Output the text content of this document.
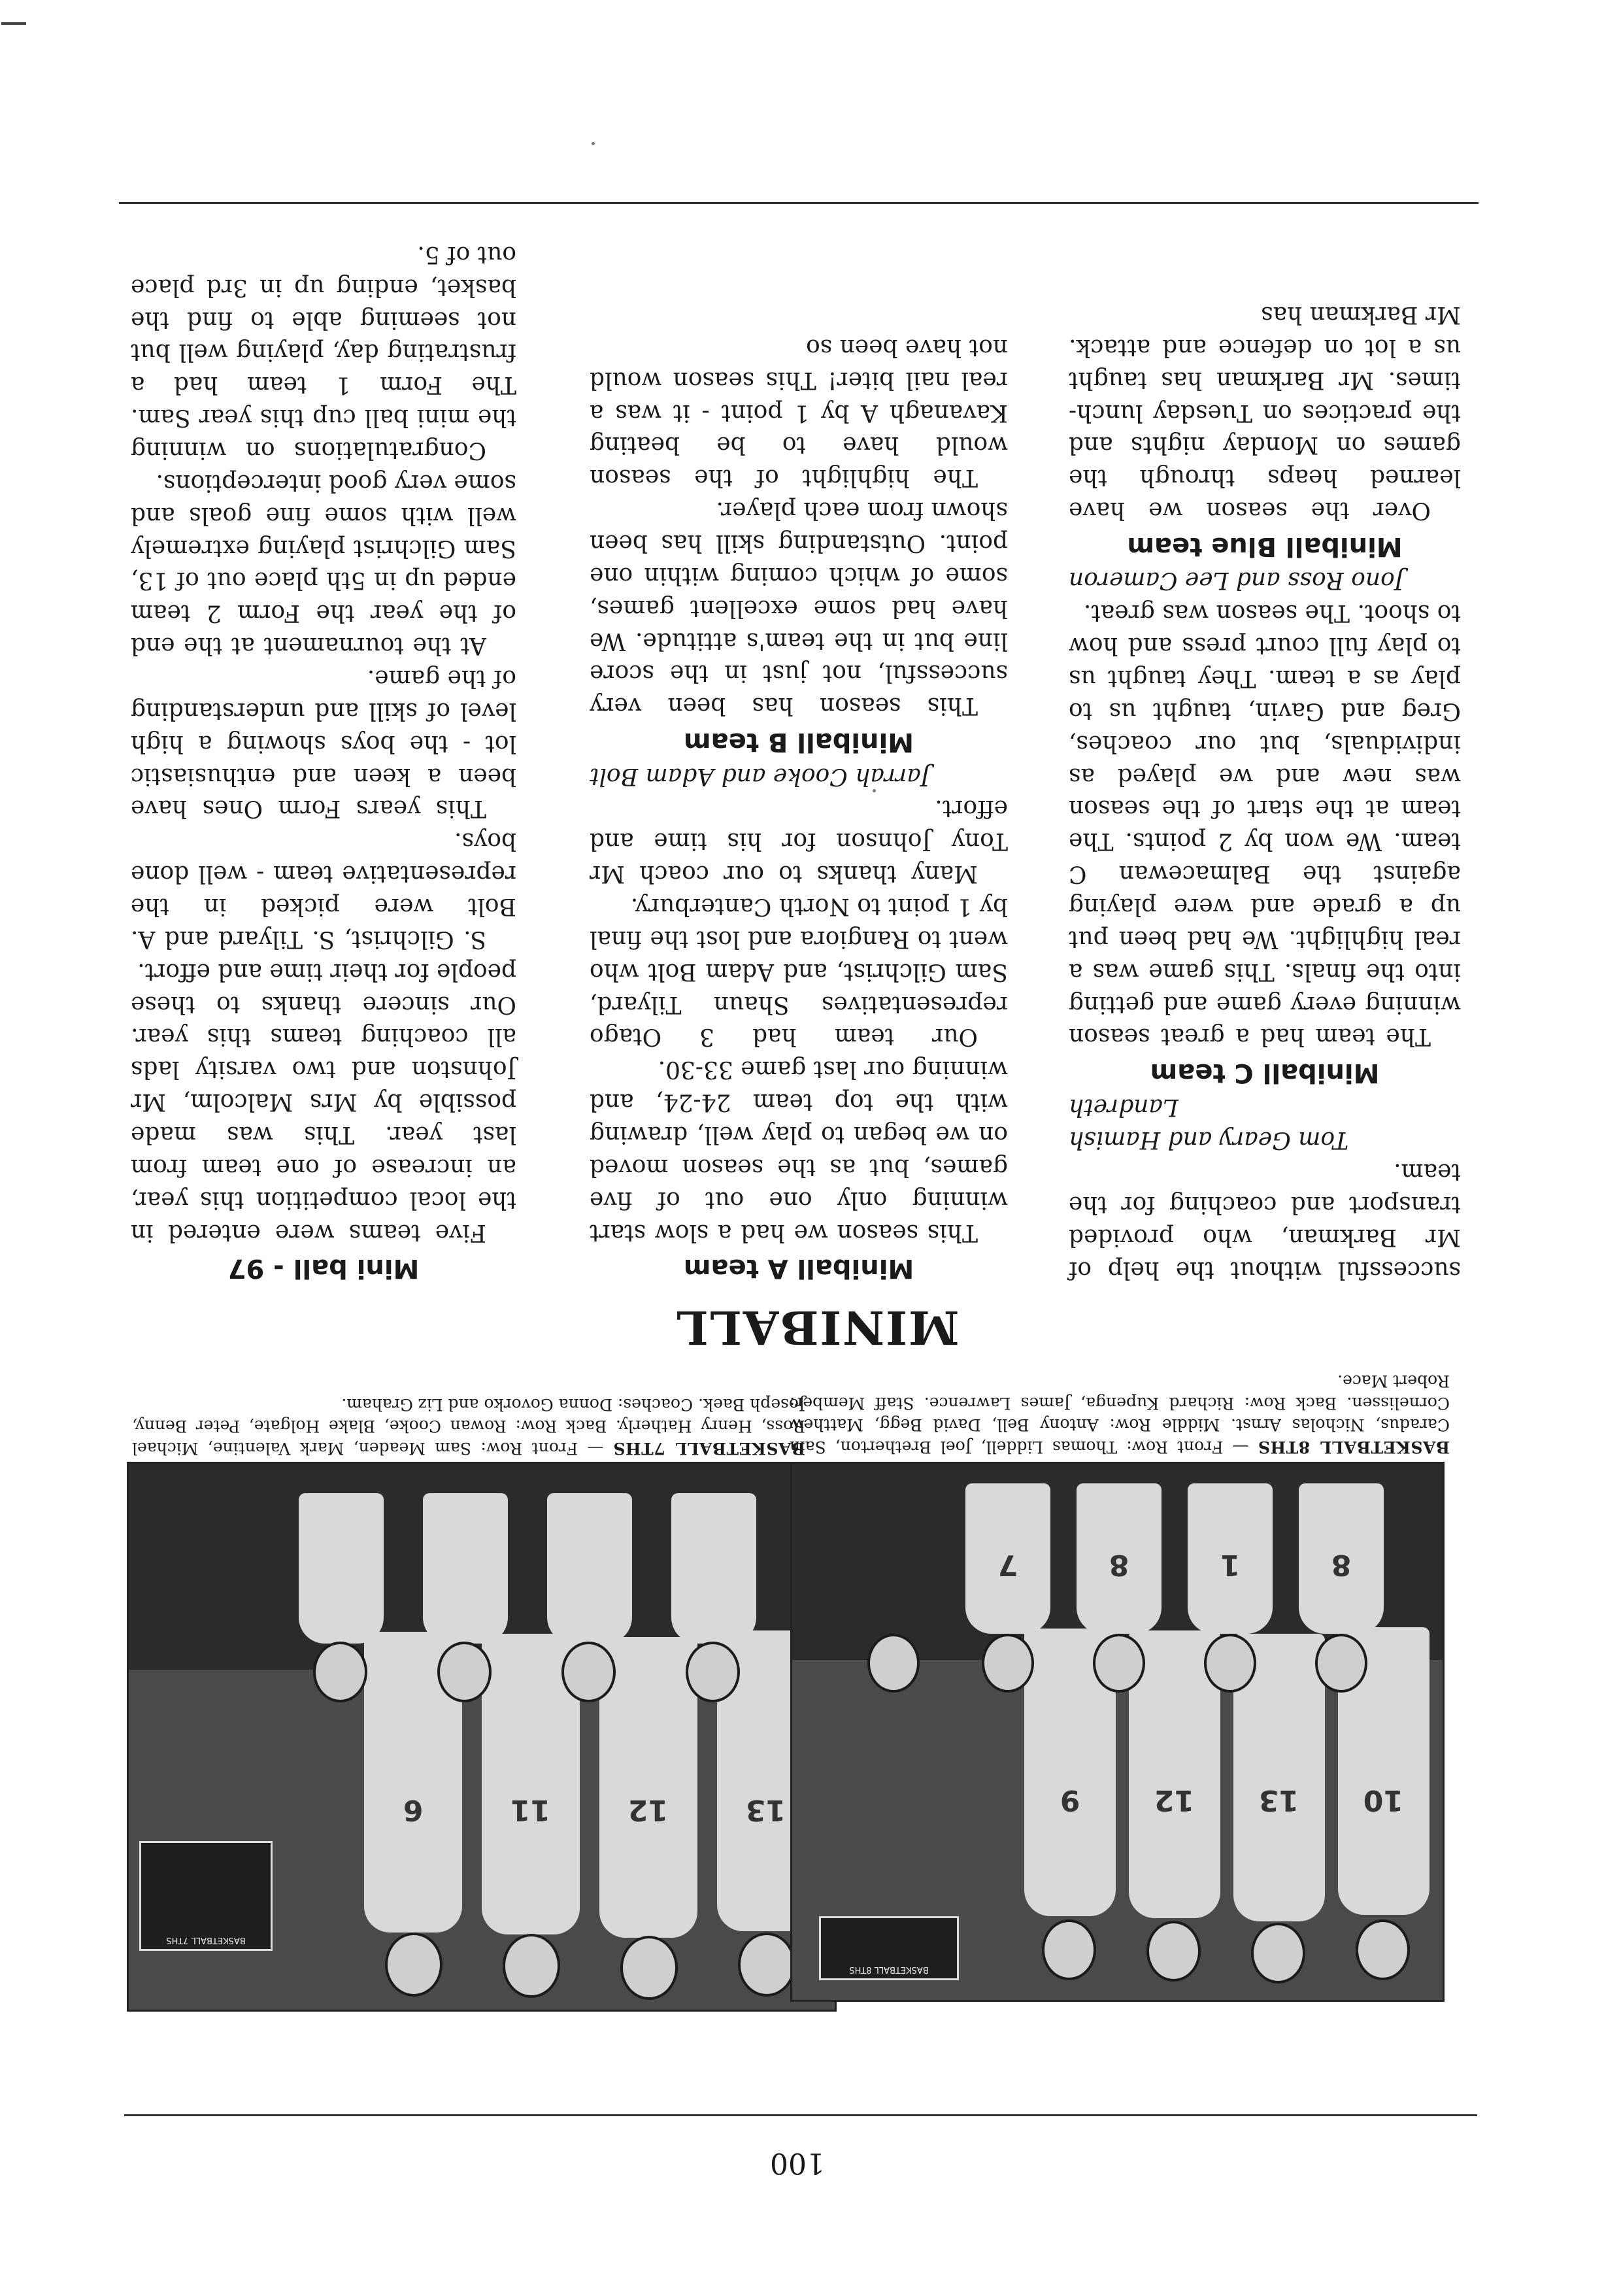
13
12
11
6
BASKETBALL 7THS
10
13
12
9
8
1
8
7
BASKETBALL 8THS
BASKETBALL 7THS — Front Row: Sam Meaden, Mark Valentine, Michael Ross, Henry Hatherly. Back Row: Rowan Cooke, Blake Holgate, Peter Benny, Joseph Baek. Coaches: Donna Govorko and Liz Graham.
BASKETBALL 8THS — Front Row: Thomas Liddell, Joel Bretherton, Sam Caradus, Nicholas Arnst. Middle Row: Antony Bell, David Begg, Matthew Cornelissen. Back Row: Richard Kupenga, James Lawrence. Staff Member: Robert Mace.
MINIBALL
Mini ball - 97

Five teams were entered in the local competition this year, an increase of one team from last year. This was made possible by Mrs Malcolm, Mr Johnston and two varsity lads all coaching teams this year. Our sincere thanks to these people for their time and effort.

S. Gilchrist, S. Tilyard and A. Bolt were picked in the representative team - well done boys.

This years Form Ones have been a keen and enthusiastic lot - the boys showing a high level of skill and understanding of the game.

At the tournament at the end of the year the Form 2 team ended up in 5th place out of 13, Sam Gilchrist playing extremely well with some fine goals and some very good interceptions.

Congratulations on winning the mini ball cup this year Sam. The Form 1 team had a frustrating day, playing well but not seeming able to find the basket, ending up in 3rd place out of 5.

Miniball A team

This season we had a slow start winning only one out of five games, but as the season moved on we began to play well, drawing with the top team 24-24, and winning our last game 33-30.

Our team had 3 Otago representatives Shaun Tilyard, Sam Gilchrist, and Adam Bolt who went to Rangiora and lost the final by 1 point to North Canterbury.

Many thanks to our coach Mr Tony Johnson for his time and effort.

Jarrah Cooke and Adam Bolt

Miniball B team

This season has been very successful, not just in the score line but in the team's attitude. We have had some excellent games, some of which coming within one point. Outstanding skill has been shown from each player.

The highlight of the season would have to be beating Kavanagh A by 1 point - it was a real nail biter! This season would not have been so

successful without the help of Mr Barkman, who provided transport and coaching for the team.

Tom Geary and Hamish Landreth

Miniball C team

The team had a great season winning every game and getting into the finals. This game was a real highlight. We had been put up a grade and were playing against the Balmacewan C team. We won by 2 points. The team at the start of the season was new and we played as individuals, but our coaches, Greg and Gavin, taught us to play as a team. They taught us to play full court press and how to shoot. The season was great.

Jono Ross and Lee Cameron

Miniball Blue team

Over the season we have learned heaps through the games on Monday nights and the practices on Tuesday lunch-times. Mr Barkman has taught us a lot on defence and attack. Mr Barkman has

100
